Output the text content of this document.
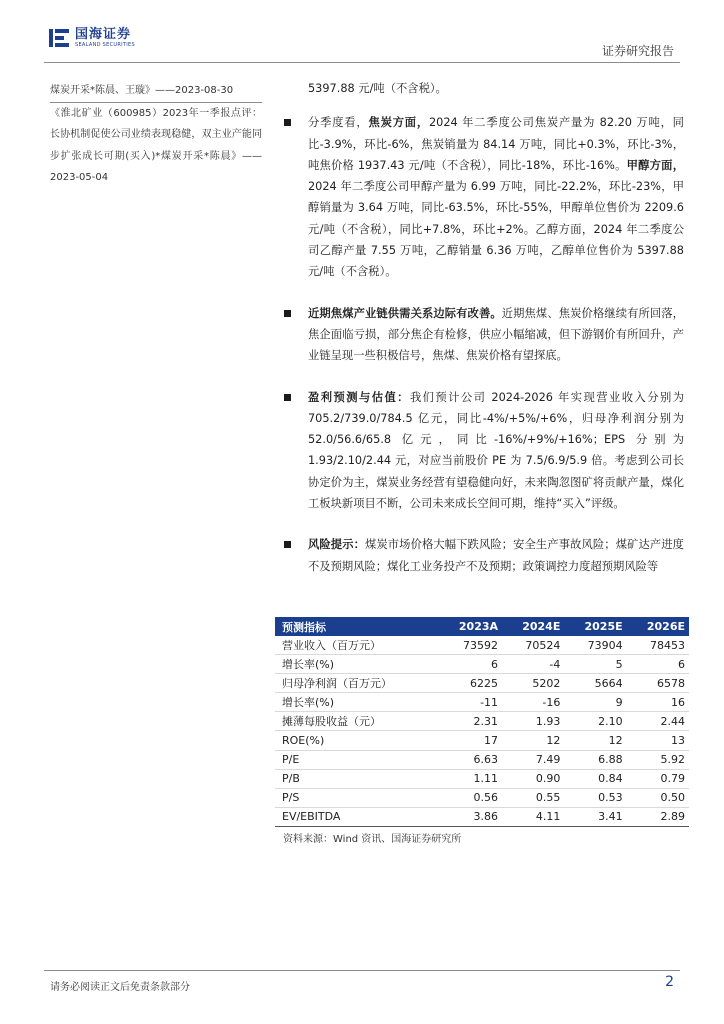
国海证券
SEALAND SECURITIES	证券研究报告

煤炭开采*陈晨、王璇》——2023-08-30

《淮北矿业（600985）2023年一季报点评：长协机制促使公司业绩表现稳健，双主业产能同步扩张成长可期(买入)*煤炭开采*陈晨》——2023-05-04

5397.88 元/吨（不含税）。

分季度看，焦炭方面，2024 年二季度公司焦炭产量为 82.20 万吨，同比-3.9%，环比-6%，焦炭销量为 84.14 万吨，同比+0.3%，环比-3%，吨焦价格 1937.43 元/吨（不含税），同比-18%，环比-16%。甲醇方面，2024 年二季度公司甲醇产量为 6.99 万吨，同比-22.2%，环比-23%，甲醇销量为 3.64 万吨，同比-63.5%，环比-55%，甲醇单位售价为 2209.6 元/吨（不含税），同比+7.8%，环比+2%。乙醇方面，2024 年二季度公司乙醇产量 7.55 万吨，乙醇销量 6.36 万吨，乙醇单位售价为 5397.88 元/吨（不含税）。

近期焦煤产业链供需关系边际有改善。近期焦煤、焦炭价格继续有所回落，焦企面临亏损，部分焦企有检修，供应小幅缩减，但下游钢价有所回升，产业链呈现一些积极信号，焦煤、焦炭价格有望探底。

盈利预测与估值：我们预计公司 2024-2026 年实现营业收入分别为 705.2/739.0/784.5 亿元，同比-4%/+5%/+6%，归母净利润分别为 52.0/56.6/65.8 亿元，同比-16%/+9%/+16%；EPS 分别为 1.93/2.10/2.44 元，对应当前股价 PE 为 7.5/6.9/5.9 倍。考虑到公司长协定价为主，煤炭业务经营有望稳健向好，未来陶忽图矿将贡献产量，煤化工板块新项目不断，公司未来成长空间可期，维持“买入”评级。

风险提示：煤炭市场价格大幅下跌风险；安全生产事故风险；煤矿达产进度不及预期风险；煤化工业务投产不及预期；政策调控力度超预期风险等

预测指标	2023A	2024E	2025E	2026E
营业收入（百万元）	73592	70524	73904	78453
增长率(%)	6	-4	5	6
归母净利润（百万元）	6225	5202	5664	6578
增长率(%)	-11	-16	9	16
摊薄每股收益（元）	2.31	1.93	2.10	2.44
ROE(%)	17	12	12	13
P/E	6.63	7.49	6.88	5.92
P/B	1.11	0.90	0.84	0.79
P/S	0.56	0.55	0.53	0.50
EV/EBITDA	3.86	4.11	3.41	2.89
资料来源：Wind 资讯、国海证券研究所
请务必阅读正文后免责条款部分	2
